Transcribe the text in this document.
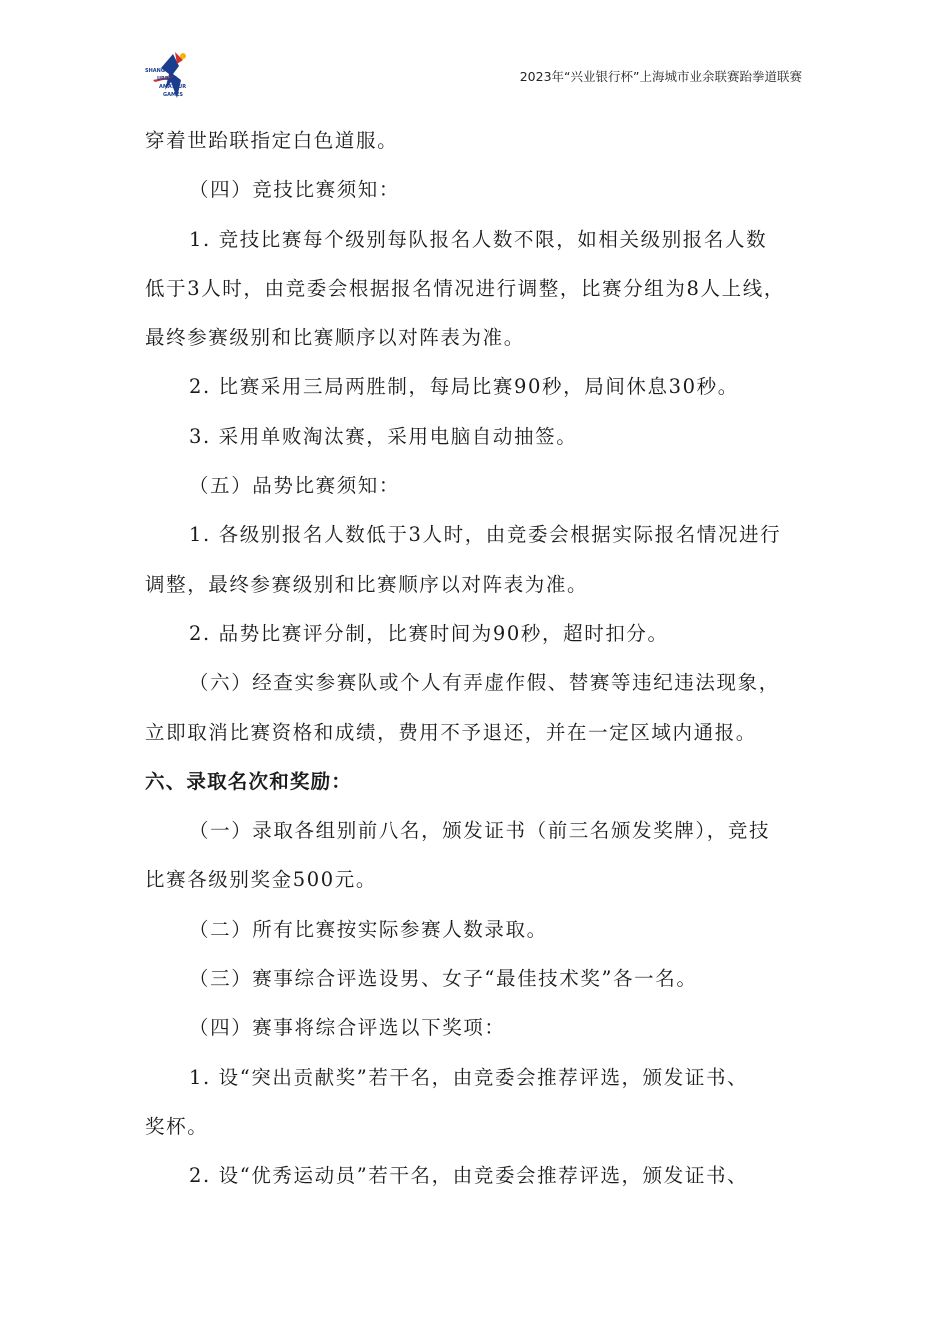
SHANG
URBAN
AMATEUR
GAMES
2023年“兴业银行杯”上海城市业余联赛跆拳道联赛
穿着世跆联指定白色道服。
（四）竞技比赛须知：
1. 竞技比赛每个级别每队报名人数不限，如相关级别报名人数
低于3人时，由竞委会根据报名情况进行调整，比赛分组为8人上线，
最终参赛级别和比赛顺序以对阵表为准。
2. 比赛采用三局两胜制，每局比赛90秒，局间休息30秒。
3. 采用单败淘汰赛，采用电脑自动抽签。
（五）品势比赛须知：
1. 各级别报名人数低于3人时，由竞委会根据实际报名情况进行
调整，最终参赛级别和比赛顺序以对阵表为准。
2. 品势比赛评分制，比赛时间为90秒，超时扣分。
（六）经查实参赛队或个人有弄虚作假、替赛等违纪违法现象，
立即取消比赛资格和成绩，费用不予退还，并在一定区域内通报。
六、录取名次和奖励：
（一）录取各组别前八名，颁发证书（前三名颁发奖牌），竞技
比赛各级别奖金500元。
（二）所有比赛按实际参赛人数录取。
（三）赛事综合评选设男、女子“最佳技术奖”各一名。
（四）赛事将综合评选以下奖项：
1. 设“突出贡献奖”若干名，由竞委会推荐评选，颁发证书、
奖杯。
2. 设“优秀运动员”若干名，由竞委会推荐评选，颁发证书、
